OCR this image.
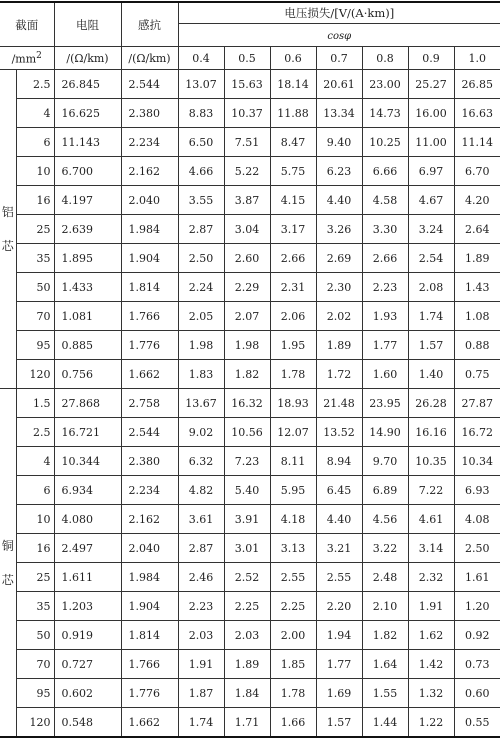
截面		电阻	感抗	电压损失/[V/(A·km)]						
				cosφ						
$/mm^2$		/(Ω/km)	/(Ω/km)	0.4	0.5	0.6	0.7	0.8	0.9	1.0
铝芯	2.5	26.845	2.544	13.07	15.63	18.14	20.61	23.00	25.27	26.85
	4	16.625	2.380	8.83	10.37	11.88	13.34	14.73	16.00	16.63
	6	11.143	2.234	6.50	7.51	8.47	9.40	10.25	11.00	11.14
	10	6.700	2.162	4.66	5.22	5.75	6.23	6.66	6.97	6.70
	16	4.197	2.040	3.55	3.87	4.15	4.40	4.58	4.67	4.20
	25	2.639	1.984	2.87	3.04	3.17	3.26	3.30	3.24	2.64
	35	1.895	1.904	2.50	2.60	2.66	2.69	2.66	2.54	1.89
	50	1.433	1.814	2.24	2.29	2.31	2.30	2.23	2.08	1.43
	70	1.081	1.766	2.05	2.07	2.06	2.02	1.93	1.74	1.08
	95	0.885	1.776	1.98	1.98	1.95	1.89	1.77	1.57	0.88
	120	0.756	1.662	1.83	1.82	1.78	1.72	1.60	1.40	0.75
铜芯	1.5	27.868	2.758	13.67	16.32	18.93	21.48	23.95	26.28	27.87
	2.5	16.721	2.544	9.02	10.56	12.07	13.52	14.90	16.16	16.72
	4	10.344	2.380	6.32	7.23	8.11	8.94	9.70	10.35	10.34
	6	6.934	2.234	4.82	5.40	5.95	6.45	6.89	7.22	6.93
	10	4.080	2.162	3.61	3.91	4.18	4.40	4.56	4.61	4.08
	16	2.497	2.040	2.87	3.01	3.13	3.21	3.22	3.14	2.50
	25	1.611	1.984	2.46	2.52	2.55	2.55	2.48	2.32	1.61
	35	1.203	1.904	2.23	2.25	2.25	2.20	2.10	1.91	1.20
	50	0.919	1.814	2.03	2.03	2.00	1.94	1.82	1.62	0.92
	70	0.727	1.766	1.91	1.89	1.85	1.77	1.64	1.42	0.73
	95	0.602	1.776	1.87	1.84	1.78	1.69	1.55	1.32	0.60
	120	0.548	1.662	1.74	1.71	1.66	1.57	1.44	1.22	0.55
